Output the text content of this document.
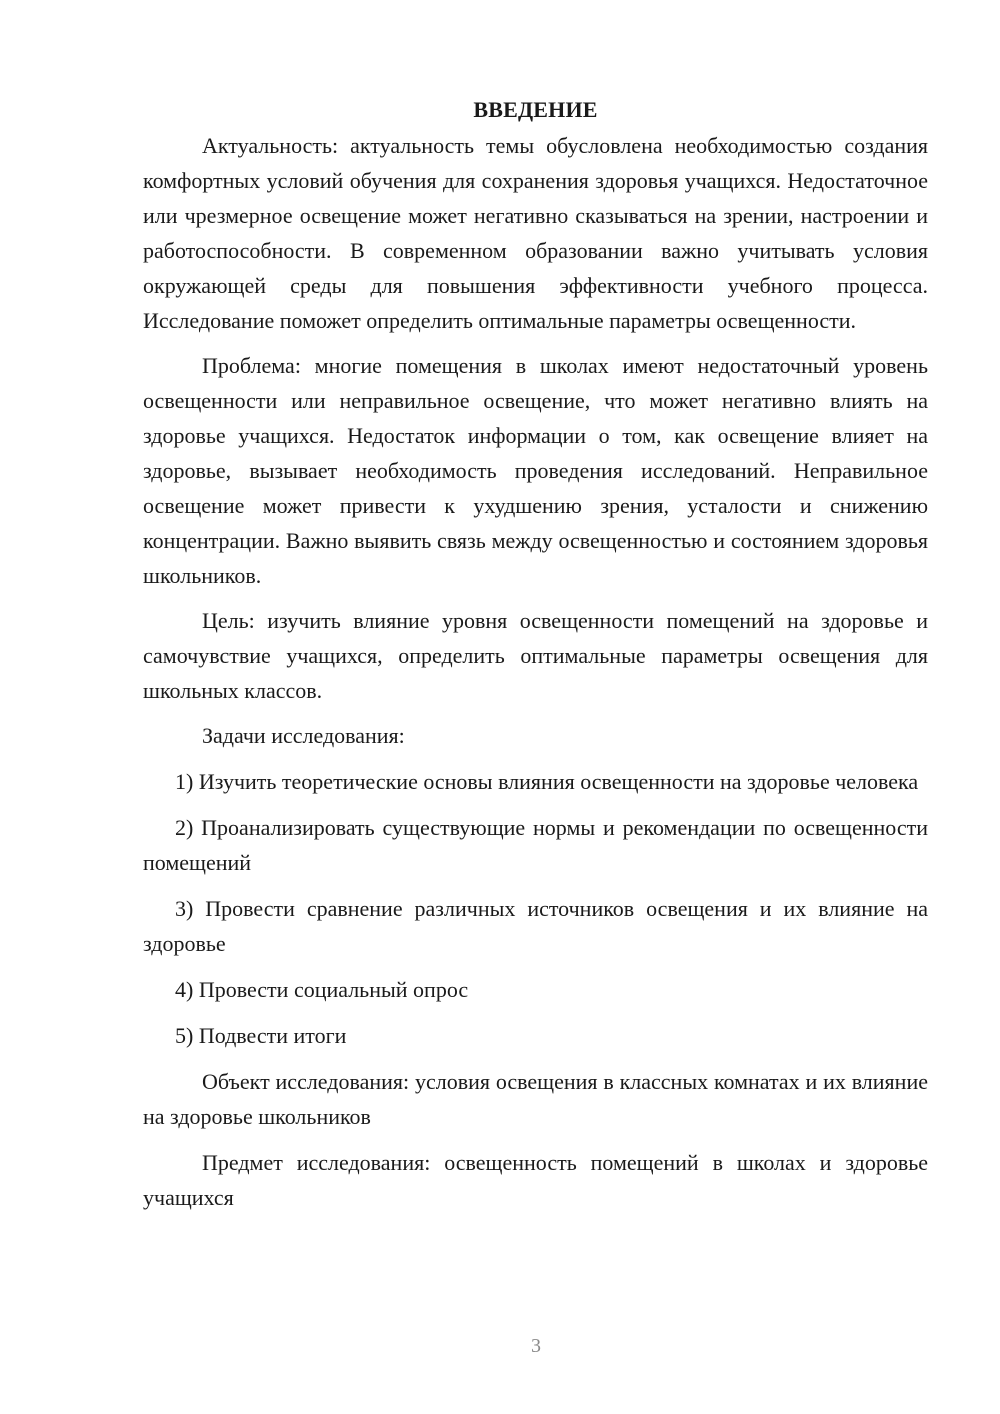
ВВЕДЕНИЕ

Актуальность: актуальность темы обусловлена необходимостью создания комфортных условий обучения для сохранения здоровья учащихся. Недостаточное или чрезмерное освещение может негативно сказываться на зрении, настроении и работоспособности. В современном образовании важно учитывать условия окружающей среды для повышения эффективности учебного процесса. Исследование поможет определить оптимальные параметры освещенности.

Проблема: многие помещения в школах имеют недостаточный уровень освещенности или неправильное освещение, что может негативно влиять на здоровье учащихся. Недостаток информации о том, как освещение влияет на здоровье, вызывает необходимость проведения исследований. Неправильное освещение может привести к ухудшению зрения, усталости и снижению концентрации. Важно выявить связь между освещенностью и состоянием здоровья школьников.

Цель: изучить влияние уровня освещенности помещений на здоровье и самочувствие учащихся, определить оптимальные параметры освещения для школьных классов.

Задачи исследования:

1) Изучить теоретические основы влияния освещенности на здоровье человека

2) Проанализировать существующие нормы и рекомендации по освещенности помещений

3) Провести сравнение различных источников освещения и их влияние на здоровье

4) Провести социальный опрос

5) Подвести итоги

Объект исследования: условия освещения в классных комнатах и их влияние на здоровье школьников

Предмет исследования: освещенность помещений в школах и здоровье учащихся

3
